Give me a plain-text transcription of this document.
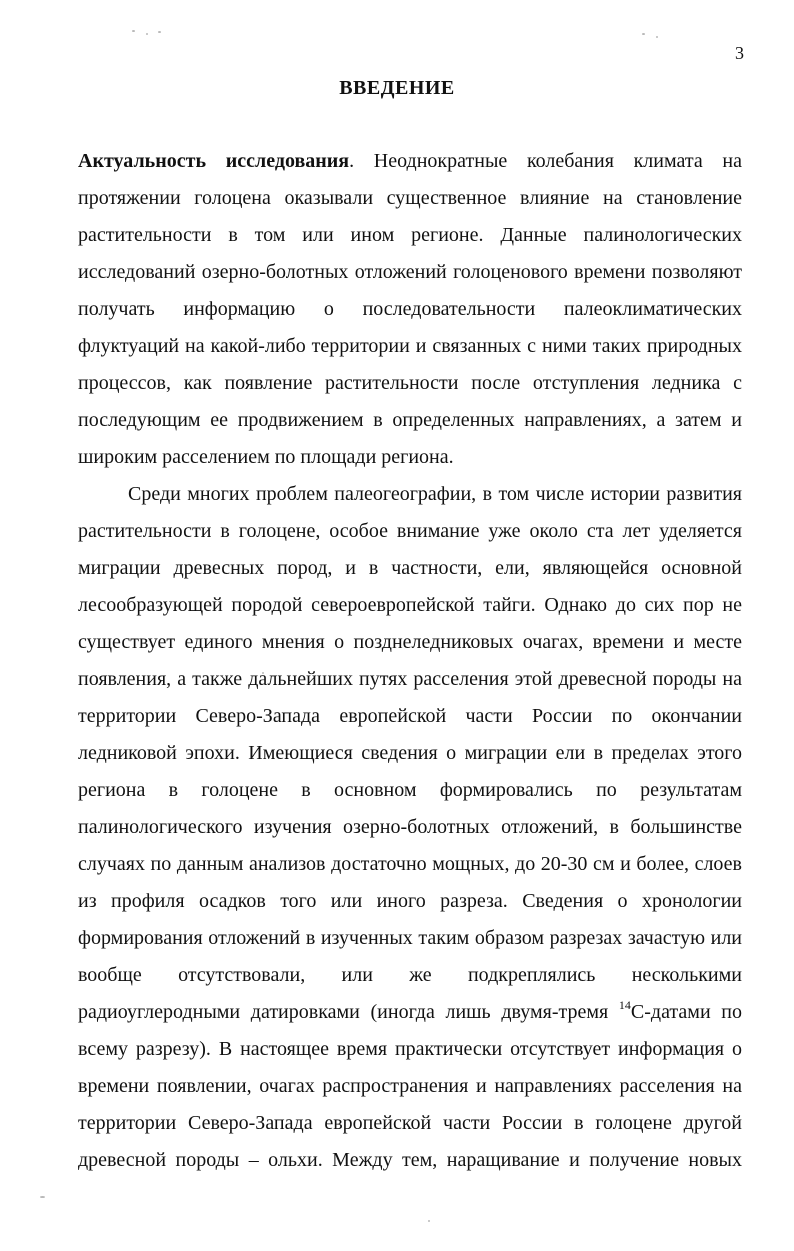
3
ВВЕДЕНИЕ
Актуальность исследования. Неоднократные колебания климата на
протяжении голоцена оказывали существенное влияние на становление
растительности в том или ином регионе. Данные палинологических
исследований озерно-болотных отложений голоценового времени позволяют
получать информацию о последовательности палеоклиматических
флуктуаций на какой-либо территории и связанных с ними таких природных
процессов, как появление растительности после отступления ледника с
последующим ее продвижением в определенных направлениях, а затем и
широким расселением по площади региона.
Среди многих проблем палеогеографии, в том числе истории развития
растительности в голоцене, особое внимание уже около ста лет уделяется
миграции древесных пород, и в частности, ели, являющейся основной
лесообразующей породой североевропейской тайги. Однако до сих пор не
существует единого мнения о позднеледниковых очагах, времени и месте
появления, а также дальнейших путях расселения этой древесной породы на
территории Северо-Запада европейской части России по окончании
ледниковой эпохи. Имеющиеся сведения о миграции ели в пределах этого
региона в голоцене в основном формировались по результатам
палинологического изучения озерно-болотных отложений, в большинстве
случаях по данным анализов достаточно мощных, до 20-30 см и более, слоев
из профиля осадков того или иного разреза. Сведения о хронологии
формирования отложений в изученных таким образом разрезах зачастую или
вообще отсутствовали, или же подкреплялись несколькими
радиоуглеродными датировками (иногда лишь двумя-тремя $^{14}$С-датами по
всему разрезу). В настоящее время практически отсутствует информация о
времени появлении, очагах распространения и направлениях расселения на
территории Северо-Запада европейской части России в голоцене другой
древесной породы – ольхи. Между тем, наращивание и получение новых
